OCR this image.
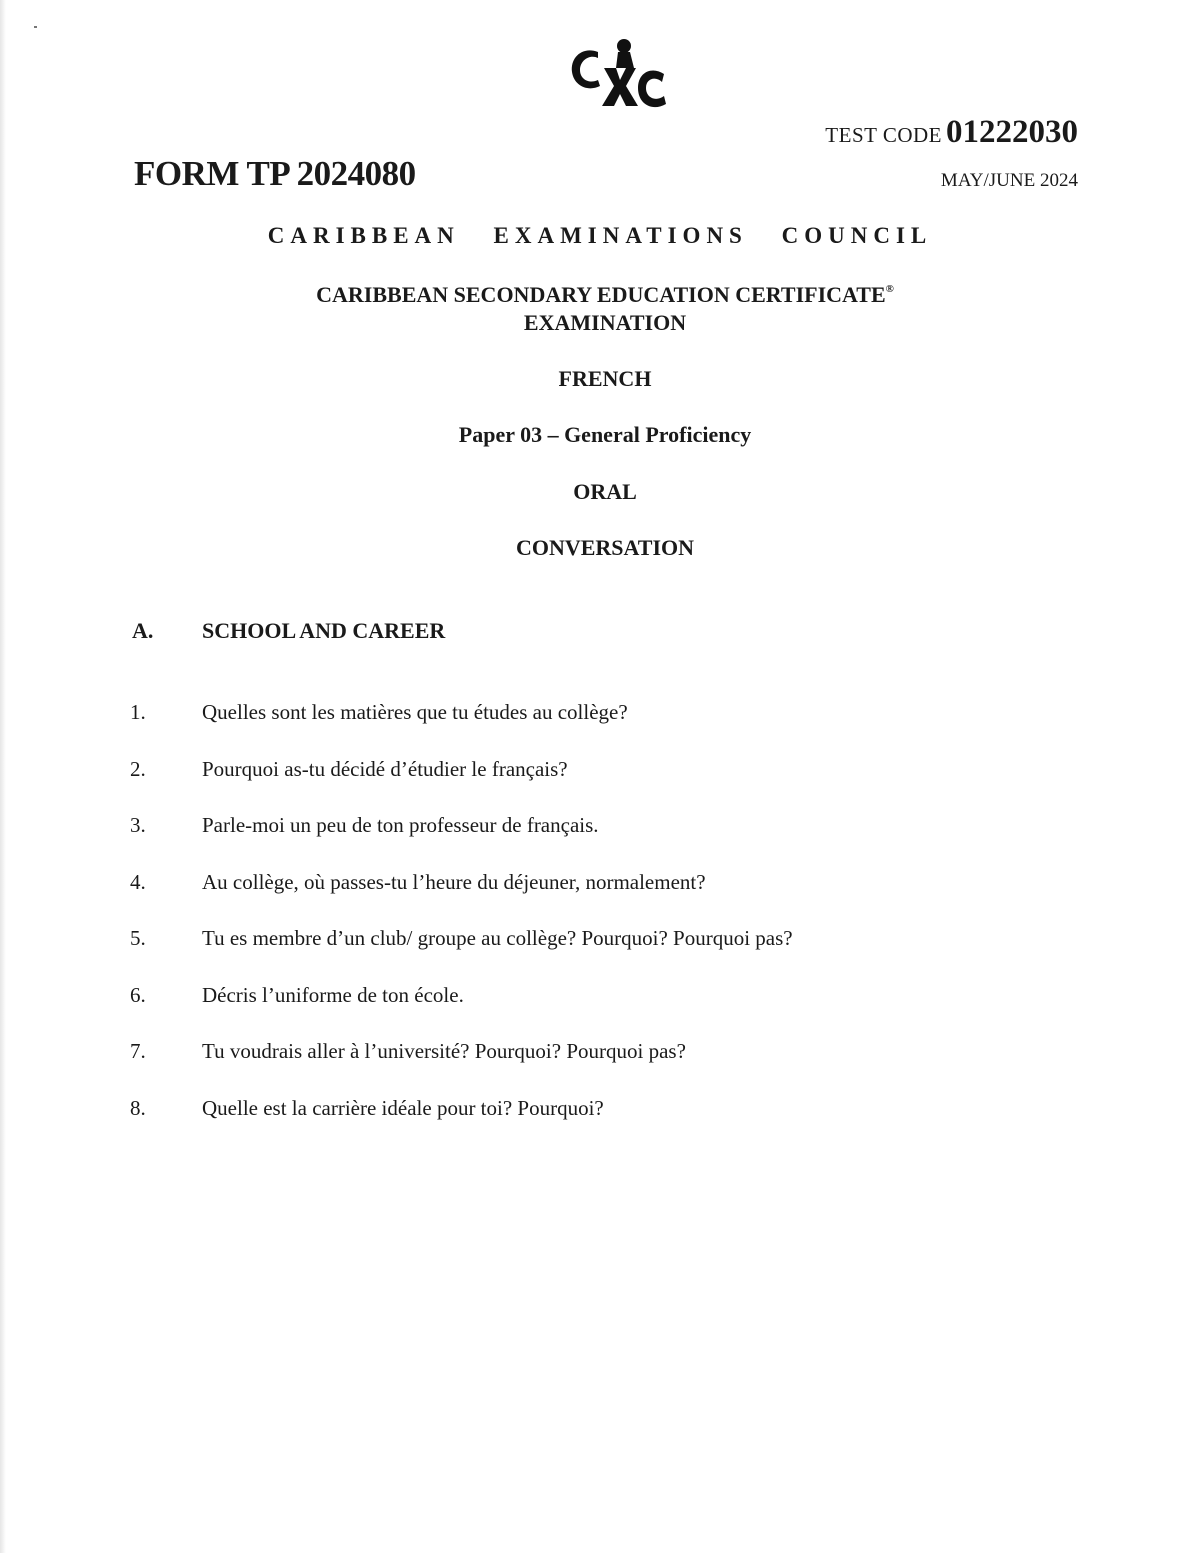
TEST CODE 01222030
FORM TP 2024080	MAY/JUNE 2024
CARIBBEAN EXAMINATIONS COUNCIL
CARIBBEAN SECONDARY EDUCATION CERTIFICATE®
EXAMINATION
FRENCH
Paper 03 – General Proficiency
ORAL
CONVERSATION
A. SCHOOL AND CAREER
1.	Quelles sont les matières que tu études au collège?
2.	Pourquoi as-tu décidé d’étudier le français?
3.	Parle-moi un peu de ton professeur de français.
4.	Au collège, où passes-tu l’heure du déjeuner, normalement?
5.	Tu es membre d’un club/ groupe au collège? Pourquoi? Pourquoi pas?
6.	Décris l’uniforme de ton école.
7.	Tu voudrais aller à l’université? Pourquoi? Pourquoi pas?
8.	Quelle est la carrière idéale pour toi? Pourquoi?
